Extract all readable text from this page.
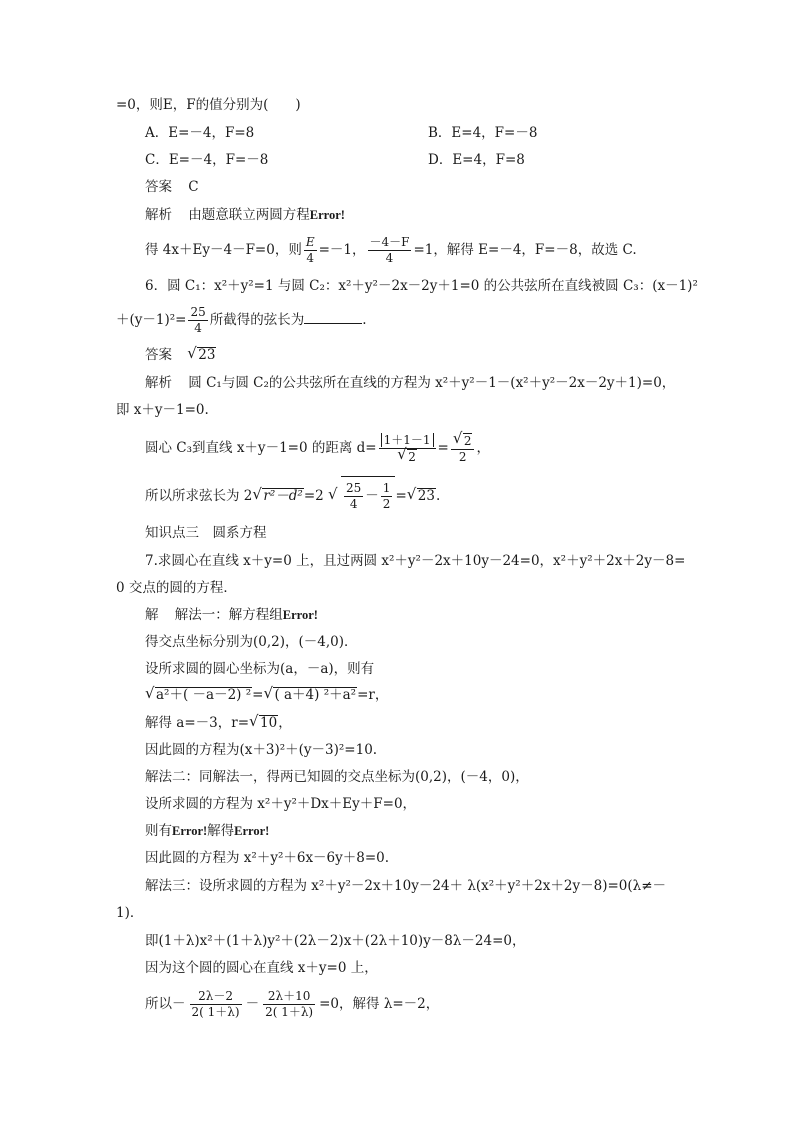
=0，则E，F的值分别为(　　)
A．E=－4，F=8	B．E=4，F=－8
C．E=－4，F=－8	D．E=4，F=8
答案 C
解析 由题意联立两圆方程Error!
得 4x＋Ey－4－F=0，则 $\frac{E}{4} =-1$， $\frac{-4-F}{4} =1$，解得 E=－4，F=－8，故选 C.
6．圆 C₁：x²＋y²=1 与圆 C₂：x²＋y²－2x－2y＋1=0 的公共弦所在直线被圆 C₃：(x－1)²
$+(y-1)^2= \frac{25}{4}$ 所截得的弦长为	.
答案 √ 23
解析 圆 C₁与圆 C₂的公共弦所在直线的方程为 x²＋y²－1－(x²＋y²－2x－2y＋1)=0，
即 x＋y－1=0.
圆心 C₃到直线 x＋y－1=0 的距离 d= 1＋1－1
√ 2 = √ $\frac{2}{2}$ ，
所以所求弦长为 2 √ r²－d²=2 √ $\frac{25}{4} - \frac{1}{2}$ = √ 23.
知识点三　圆系方程
7.求圆心在直线 x＋y=0 上，且过两圆 x²＋y²－2x＋10y－24=0，x²＋y²＋2x＋2y－8=
0 交点的圆的方程．
解 解法一：解方程组Error!
得交点坐标分别为(0,2)，(－4,0)．
设所求圆的圆心坐标为(a，－a)，则有
√ a²＋( －a－2) ²= √ ( a＋4) ²＋a²=r，
解得 a=－3，r= √ 10，
因此圆的方程为(x＋3)²＋(y－3)²=10.
解法二：同解法一，得两已知圆的交点坐标为(0,2)，(－4，0)，
设所求圆的方程为 x²＋y²＋Dx＋Ey＋F=0，
则有Error!解得Error!
因此圆的方程为 x²＋y²＋6x－6y＋8=0.
解法三：设所求圆的方程为 x²＋y²－2x＋10y－24＋ λ(x²＋y²＋2x＋2y－8)=0(λ≠－
1)．
即(1＋λ)x²＋(1＋λ)y²＋(2λ－2)x＋(2λ＋10)y－8λ－24=0，
因为这个圆的圆心在直线 x＋y=0 上，
所以－ $\frac{2\lambda-2}{2( 1+\lambda)} - \frac{2\lambda+10}{2( 1+\lambda)} =0$，解得 λ=－2，
